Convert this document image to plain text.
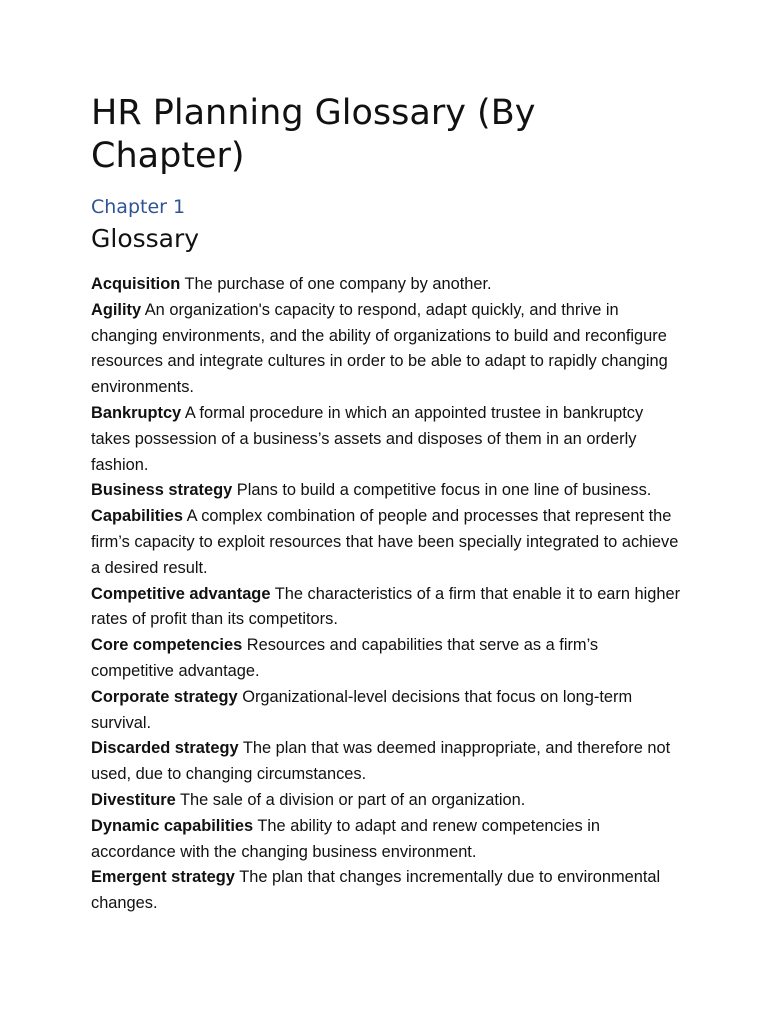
HR Planning Glossary (By Chapter)
Chapter 1
Glossary

Acquisition The purchase of one company by another.

Agility An organization's capacity to respond, adapt quickly, and thrive in changing environments, and the ability of organizations to build and reconfigure resources and integrate cultures in order to be able to adapt to rapidly changing environments.

Bankruptcy A formal procedure in which an appointed trustee in bankruptcy takes possession of a business’s assets and disposes of them in an orderly fashion.

Business strategy Plans to build a competitive focus in one line of business.

Capabilities A complex combination of people and processes that represent the firm’s capacity to exploit resources that have been specially integrated to achieve a desired result.

Competitive advantage The characteristics of a firm that enable it to earn higher rates of profit than its competitors.

Core competencies Resources and capabilities that serve as a firm’s competitive advantage.

Corporate strategy Organizational-level decisions that focus on long-term survival.

Discarded strategy The plan that was deemed inappropriate, and therefore not used, due to changing circumstances.

Divestiture The sale of a division or part of an organization.

Dynamic capabilities The ability to adapt and renew competencies in accordance with the changing business environment.

Emergent strategy The plan that changes incrementally due to environmental changes.
